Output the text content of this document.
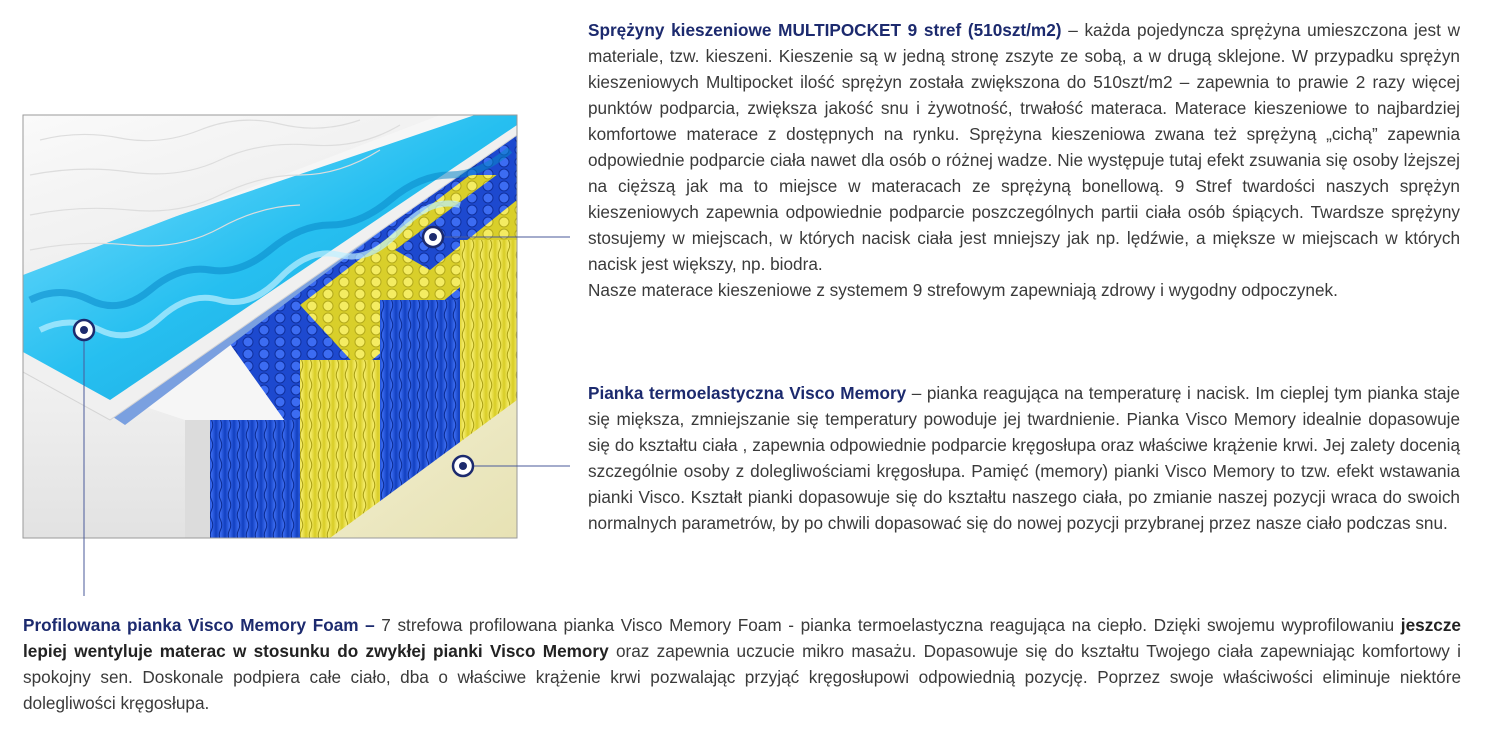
Sprężyny kieszeniowe MULTIPOCKET 9 stref (510szt/m2) – każda pojedyncza sprężyna umieszczona jest w materiale, tzw. kieszeni. Kieszenie są w jedną stronę zszyte ze sobą, a w drugą sklejone. W przypadku sprężyn kieszeniowych Multipocket ilość sprężyn została zwiększona do 510szt/m2 – zapewnia to prawie 2 razy więcej punktów podparcia, zwiększa jakość snu i żywotność, trwałość materaca. Materace kieszeniowe to najbardziej komfortowe materace z dostępnych na rynku. Sprężyna kieszeniowa zwana też sprężyną „cichą” zapewnia odpowiednie podparcie ciała nawet dla osób o różnej wadze. Nie występuje tutaj efekt zsuwania się osoby lżejszej na cięższą jak ma to miejsce w materacach ze sprężyną bonellową. 9 Stref twardości naszych sprężyn kieszeniowych zapewnia odpowiednie podparcie poszczególnych partii ciała osób śpiących. Twardsze sprężyny stosujemy w miejscach, w których nacisk ciała jest mniejszy jak np. lędźwie, a miększe w miejscach w których nacisk jest większy, np. biodra.
Nasze materace kieszeniowe z systemem 9 strefowym zapewniają zdrowy i wygodny odpoczynek.
Pianka termoelastyczna Visco Memory – pianka reagująca na temperaturę i nacisk. Im cieplej tym pianka staje się miększa, zmniejszanie się temperatury powoduje jej twardnienie. Pianka Visco Memory idealnie dopasowuje się do kształtu ciała , zapewnia odpowiednie podparcie kręgosłupa oraz właściwe krążenie krwi. Jej zalety docenią szczególnie osoby z dolegliwościami kręgosłupa. Pamięć (memory) pianki Visco Memory to tzw. efekt wstawania pianki Visco. Kształt pianki dopasowuje się do kształtu naszego ciała, po zmianie naszej pozycji wraca do swoich normalnych parametrów, by po chwili dopasować się do nowej pozycji przybranej przez nasze ciało podczas snu.
Profilowana pianka Visco Memory Foam – 7 strefowa profilowana pianka Visco Memory Foam - pianka termoelastyczna reagująca na ciepło. Dzięki swojemu wyprofilowaniu jeszcze lepiej wentyluje materac w stosunku do zwykłej pianki Visco Memory oraz zapewnia uczucie mikro masażu. Dopasowuje się do kształtu Twojego ciała zapewniając komfortowy i spokojny sen. Doskonale podpiera całe ciało, dba o właściwe krążenie krwi pozwalając przyjąć kręgosłupowi odpowiednią pozycję. Poprzez swoje właściwości eliminuje niektóre dolegliwości kręgosłupa.
